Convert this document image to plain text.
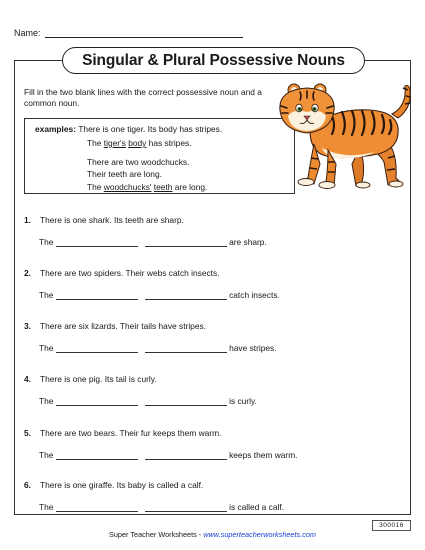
Name:
Singular & Plural Possessive Nouns
Fill in the two blank lines with the correct possessive noun and a common noun.
examples: There is one tiger. Its body has stripes.
The tiger's body has stripes.
There are two woodchucks.
Their teeth are long.
The woodchucks' teeth are long.
1. There is one shark. Its teeth are sharp.
The

	are sharp.
2. There are two spiders. Their webs catch insects.
The

	catch insects.
3. There are six lizards. Their tails have stripes.
The

	have stripes.
4. There is one pig. Its tail is curly.
The

	is curly.
5. There are two bears. Their fur keeps them warm.
The

	keeps them warm.
6. There is one giraffe. Its baby is called a calf.
The

	is called a calf.
300016
Super Teacher Worksheets - www.superteacherworksheets.com
